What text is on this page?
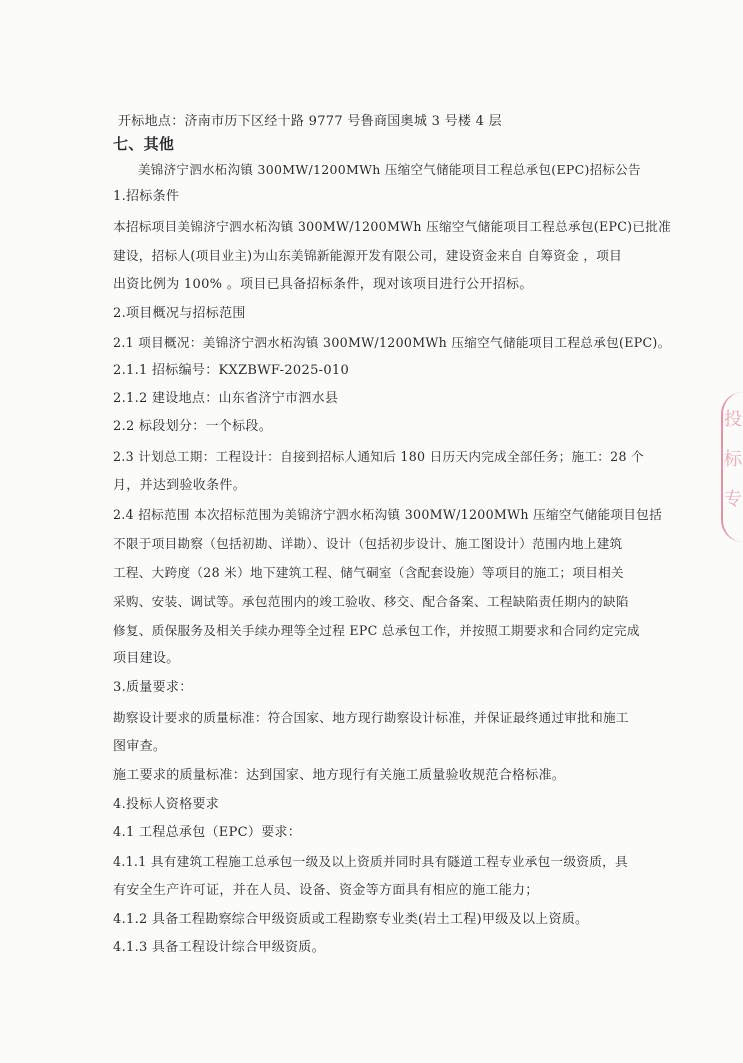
开标地点：济南市历下区经十路 9777 号鲁商国奥城 3 号楼 4 层

七、其他

美锦济宁泗水柘沟镇 300MW/1200MWh 压缩空气储能项目工程总承包(EPC)招标公告

1.招标条件

本招标项目美锦济宁泗水柘沟镇 300MW/1200MWh 压缩空气储能项目工程总承包(EPC)已批准

建设，招标人(项目业主)为山东美锦新能源开发有限公司，建设资金来自 自筹资金 ，项目

出资比例为 100% 。项目已具备招标条件，现对该项目进行公开招标。

2.项目概况与招标范围

2.1 项目概况：美锦济宁泗水柘沟镇 300MW/1200MWh 压缩空气储能项目工程总承包(EPC)。

2.1.1 招标编号：KXZBWF-2025-010

2.1.2 建设地点：山东省济宁市泗水县

2.2 标段划分：一个标段。

2.3 计划总工期：工程设计：自接到招标人通知后 180 日历天内完成全部任务；施工：28 个

月，并达到验收条件。

2.4 招标范围 本次招标范围为美锦济宁泗水柘沟镇 300MW/1200MWh 压缩空气储能项目包括

不限于项目勘察（包括初勘、详勘）、设计（包括初步设计、施工图设计）范围内地上建筑

工程、大跨度（28 米）地下建筑工程、储气硐室（含配套设施）等项目的施工；项目相关

采购、安装、调试等。承包范围内的竣工验收、移交、配合备案、工程缺陷责任期内的缺陷

修复、质保服务及相关手续办理等全过程 EPC 总承包工作，并按照工期要求和合同约定完成

项目建设。

3.质量要求：

勘察设计要求的质量标准：符合国家、地方现行勘察设计标准，并保证最终通过审批和施工

图审查。

施工要求的质量标准：达到国家、地方现行有关施工质量验收规范合格标准。

4.投标人资格要求

4.1 工程总承包（EPC）要求：

4.1.1 具有建筑工程施工总承包一级及以上资质并同时具有隧道工程专业承包一级资质，具

有安全生产许可证，并在人员、设备、资金等方面具有相应的施工能力；

4.1.2 具备工程勘察综合甲级资质或工程勘察专业类(岩土工程)甲级及以上资质。

4.1.3 具备工程设计综合甲级资质。

投
标
专
